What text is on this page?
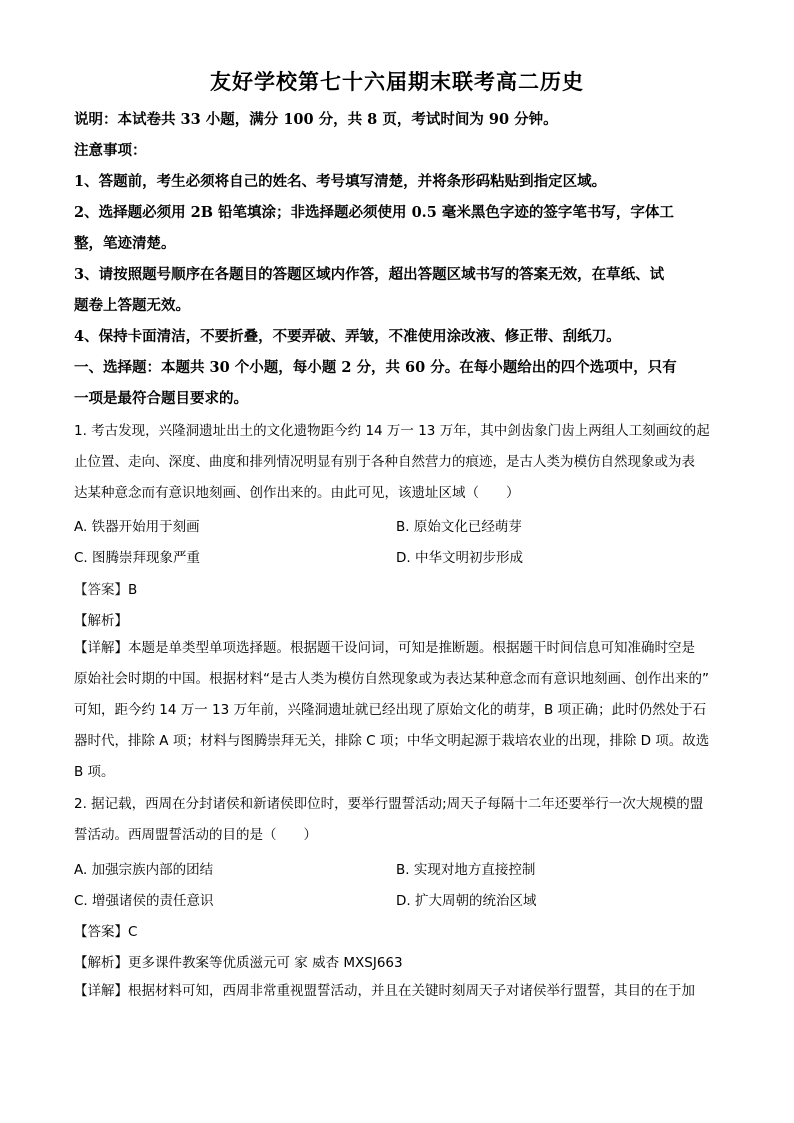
友好学校第七十六届期末联考高二历史
说明：本试卷共 33 小题，满分 100 分，共 8 页，考试时间为 90 分钟。
注意事项：
1、答题前，考生必须将自己的姓名、考号填写清楚，并将条形码粘贴到指定区域。
2、选择题必须用 2B 铅笔填涂；非选择题必须使用 0.5 毫米黑色字迹的签字笔书写，字体工
整，笔迹清楚。
3、请按照题号顺序在各题目的答题区域内作答，超出答题区域书写的答案无效，在草纸、试
题卷上答题无效。
4、保持卡面清洁，不要折叠，不要弄破、弄皱，不准使用涂改液、修正带、刮纸刀。
一、选择题：本题共 30 个小题，每小题 2 分，共 60 分。在每小题给出的四个选项中，只有
一项是最符合题目要求的。
1. 考古发现，兴隆洞遗址出土的文化遗物距今约 14 万一 13 万年，其中剑齿象门齿上两组人工刻画纹的起
止位置、走向、深度、曲度和排列情况明显有别于各种自然营力的痕迹，是古人类为模仿自然现象或为表
达某种意念而有意识地刻画、创作出来的。由此可见，该遗址区域（　　）
A. 铁器开始用于刻画	B. 原始文化已经萌芽
C. 图腾崇拜现象严重	D. 中华文明初步形成
【答案】B
【解析】
【详解】本题是单类型单项选择题。根据题干设问词，可知是推断题。根据题干时间信息可知准确时空是
原始社会时期的中国。根据材料“是古人类为模仿自然现象或为表达某种意念而有意识地刻画、创作出来的”
可知，距今约 14 万一 13 万年前，兴隆洞遗址就已经出现了原始文化的萌芽，B 项正确；此时仍然处于石
器时代，排除 A 项；材料与图腾崇拜无关，排除 C 项；中华文明起源于栽培农业的出现，排除 D 项。故选
B 项。
2. 据记载，西周在分封诸侯和新诸侯即位时，要举行盟誓活动;周天子每隔十二年还要举行一次大规模的盟
誓活动。西周盟誓活动的目的是（　　）
A. 加强宗族内部的团结	B. 实现对地方直接控制
C. 增强诸侯的责任意识	D. 扩大周朝的统治区域
【答案】C
【解析】更多课件教案等优质滋元可 家 威杏 MXSJ663
【详解】根据材料可知，西周非常重视盟誓活动，并且在关键时刻周天子对诸侯举行盟誓，其目的在于加
